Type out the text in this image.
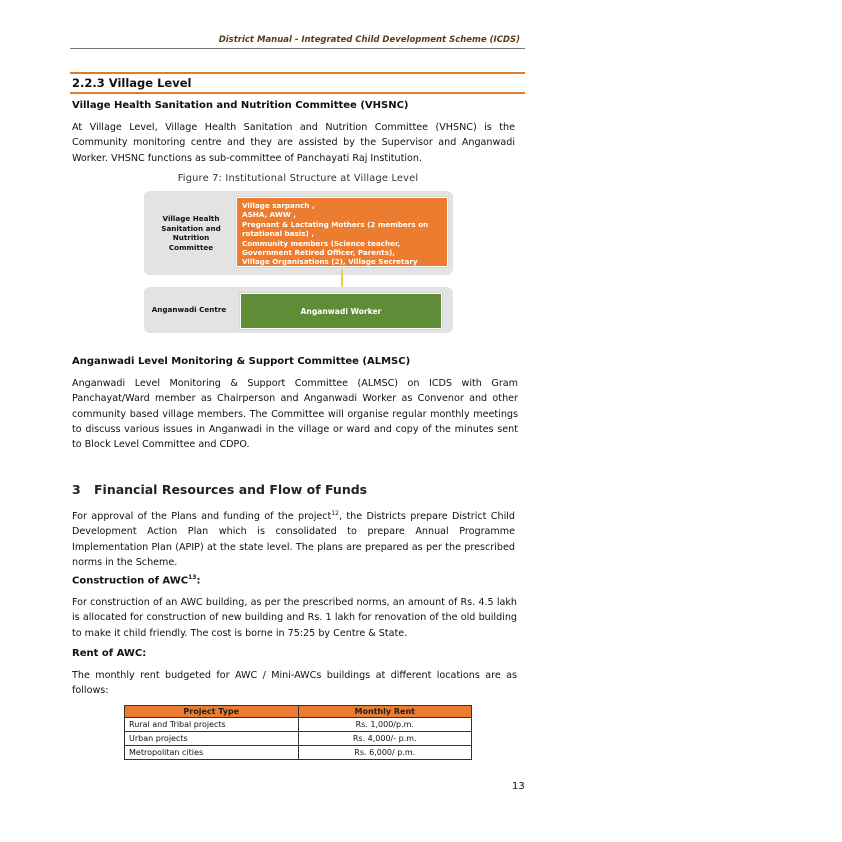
District Manual - Integrated Child Development Scheme (ICDS)
2.2.3 Village Level
Village Health Sanitation and Nutrition Committee (VHSNC)
At Village Level, Village Health Sanitation and Nutrition Committee (VHSNC) is the Community monitoring centre and they are assisted by the Supervisor and Anganwadi Worker. VHSNC functions as sub-committee of Panchayati Raj Institution.
Figure 7: Institutional Structure at Village Level
Village Health Sanitation and Nutrition Committee
Village sarpanch ,
ASHA, AWW ,
Pregnant & Lactating Mothers (2 members on
rotational basis) ,
Community members (Science teacher,
Government Retired Officer, Parents),
Village Organisations (2), Village Secretary
Anganwadi Centre	Anganwadi Worker
Anganwadi Level Monitoring & Support Committee (ALMSC)
Anganwadi Level Monitoring & Support Committee (ALMSC) on ICDS with Gram Panchayat/Ward member as Chairperson and Anganwadi Worker as Convenor and other community based village members. The Committee will organise regular monthly meetings to discuss various issues in Anganwadi in the village or ward and copy of the minutes sent to Block Level Committee and CDPO.
3 Financial Resources and Flow of Funds
For approval of the Plans and funding of the project$^{12}$, the Districts prepare District Child Development Action Plan which is consolidated to prepare Annual Programme Implementation Plan (APIP) at the state level. The plans are prepared as per the prescribed norms in the Scheme.
Construction of AWC$^{13}$:
For construction of an AWC building, as per the prescribed norms, an amount of Rs. 4.5 lakh is allocated for construction of new building and Rs. 1 lakh for renovation of the old building to make it child friendly. The cost is borne in 75:25 by Centre & State.
Rent of AWC:
The monthly rent budgeted for AWC / Mini-AWCs buildings at different locations are as follows:
Project Type	Monthly Rent
Rural and Tribal projects	Rs. 1,000/p.m.
Urban projects	Rs. 4,000/- p.m.
Metropolitan cities	Rs. 6,000/ p.m.
13
